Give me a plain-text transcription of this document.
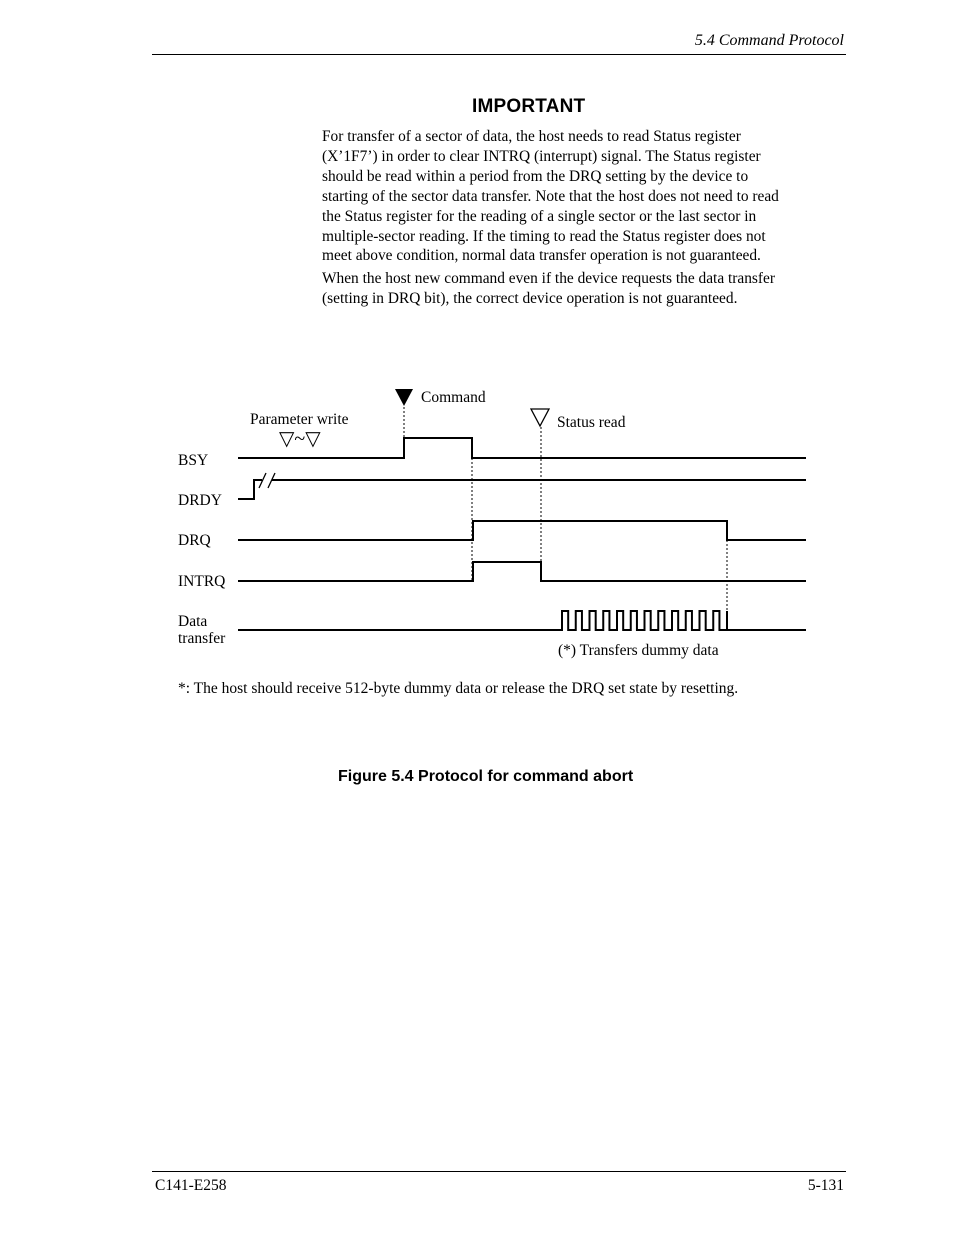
5.4 Command Protocol
IMPORTANT

For transfer of a sector of data, the host needs to read Status register (X’1F7’) in order to clear INTRQ (interrupt) signal. The Status register should be read within a period from the DRQ setting by the device to starting of the sector data transfer. Note that the host does not need to read the Status register for the reading of a single sector or the last sector in multiple-sector reading. If the timing to read the Status register does not meet above condition, normal data transfer operation is not guaranteed.

When the host new command even if the device requests the data transfer (setting in DRQ bit), the correct device operation is not guaranteed.

Parameter write
▽~▽
Command
Status read
BSY
DRDY
DRQ
INTRQ
Data
transfer
(*) Transfers dummy data
*: The host should receive 512-byte dummy data or release the DRQ set state by resetting.
Figure 5.4 Protocol for command abort
C141-E258	5-131
